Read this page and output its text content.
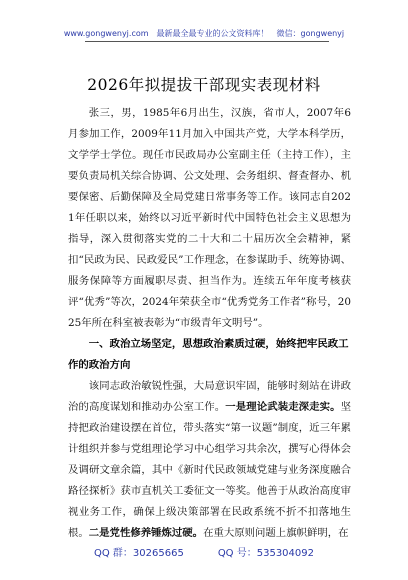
www.gongwenyj.com 最新最全最专业的公文资料库！ 微信：gongwenyj
2026年拟提拔干部现实表现材料

张三，男，1985年6月出生，汉族，省市人，2007年6月参加工作，2009年11月加入中国共产党，大学本科学历，文学学士学位。现任市民政局办公室副主任（主持工作），主要负责局机关综合协调、公文处理、会务组织、督查督办、机要保密、后勤保障及全局党建日常事务等工作。该同志自2021年任职以来，始终以习近平新时代中国特色社会主义思想为指导，深入贯彻落实党的二十大和二十届历次全会精神，紧扣“民政为民、民政爱民”工作理念，在参谋助手、统筹协调、服务保障等方面履职尽责、担当作为。连续五年年度考核获评“优秀”等次，2024年荣获全市“优秀党务工作者”称号，2025年所在科室被表彰为“市级青年文明号”。

一、政治立场坚定，思想政治素质过硬，始终把牢民政工作的政治方向

该同志政治敏锐性强，大局意识牢固，能够时刻站在讲政治的高度谋划和推动办公室工作。一是理论武装走深走实。坚持把政治建设摆在首位，带头落实“第一议题”制度，近三年累计组织并参与党组理论学习中心组学习共余次，撰写心得体会及调研文章余篇，其中《新时代民政领域党建与业务深度融合路径探析》获市直机关工委征文一等奖。他善于从政治高度审视业务工作，确保上级决策部署在民政系统不折不扣落地生根。二是党性修养锤炼过硬。在重大原则问题上旗帜鲜明，在

QQ 群：30265665	QQ 号：535304092
